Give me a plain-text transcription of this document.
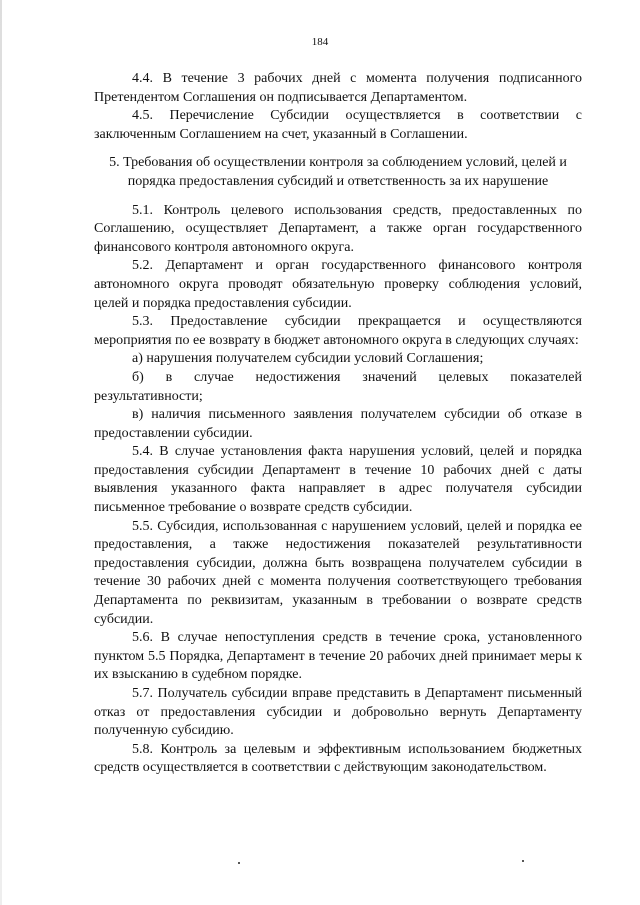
184

4.4. В течение 3 рабочих дней с момента получения подписанного Претендентом Соглашения он подписывается Департаментом.

4.5. Перечисление Субсидии осуществляется в соответствии с заключенным Соглашением на счет, указанный в Соглашении.

5. Требования об осуществлении контроля за соблюдением условий, целей и порядка предоставления субсидий и ответственность за их нарушение

5.1. Контроль целевого использования средств, предоставленных по Соглашению, осуществляет Департамент, а также орган государственного финансового контроля автономного округа.

5.2. Департамент и орган государственного финансового контроля автономного округа проводят обязательную проверку соблюдения условий, целей и порядка предоставления субсидии.

5.3. Предоставление субсидии прекращается и осуществляются мероприятия по ее возврату в бюджет автономного округа в следующих случаях:

а) нарушения получателем субсидии условий Соглашения;

б) в случае недостижения значений целевых показателей результативности;

в) наличия письменного заявления получателем субсидии об отказе в предоставлении субсидии.

5.4. В случае установления факта нарушения условий, целей и порядка предоставления субсидии Департамент в течение 10 рабочих дней с даты выявления указанного факта направляет в адрес получателя субсидии письменное требование о возврате средств субсидии.

5.5. Субсидия, использованная с нарушением условий, целей и порядка ее предоставления, а также недостижения показателей результативности предоставления субсидии, должна быть возвращена получателем субсидии в течение 30 рабочих дней с момента получения соответствующего требования Департамента по реквизитам, указанным в требовании о возврате средств субсидии.

5.6. В случае непоступления средств в течение срока, установленного пунктом 5.5 Порядка, Департамент в течение 20 рабочих дней принимает меры к их взысканию в судебном порядке.

5.7. Получатель субсидии вправе представить в Департамент письменный отказ от предоставления субсидии и добровольно вернуть Департаменту полученную субсидию.

5.8. Контроль за целевым и эффективным использованием бюджетных средств осуществляется в соответствии с действующим законодательством.
